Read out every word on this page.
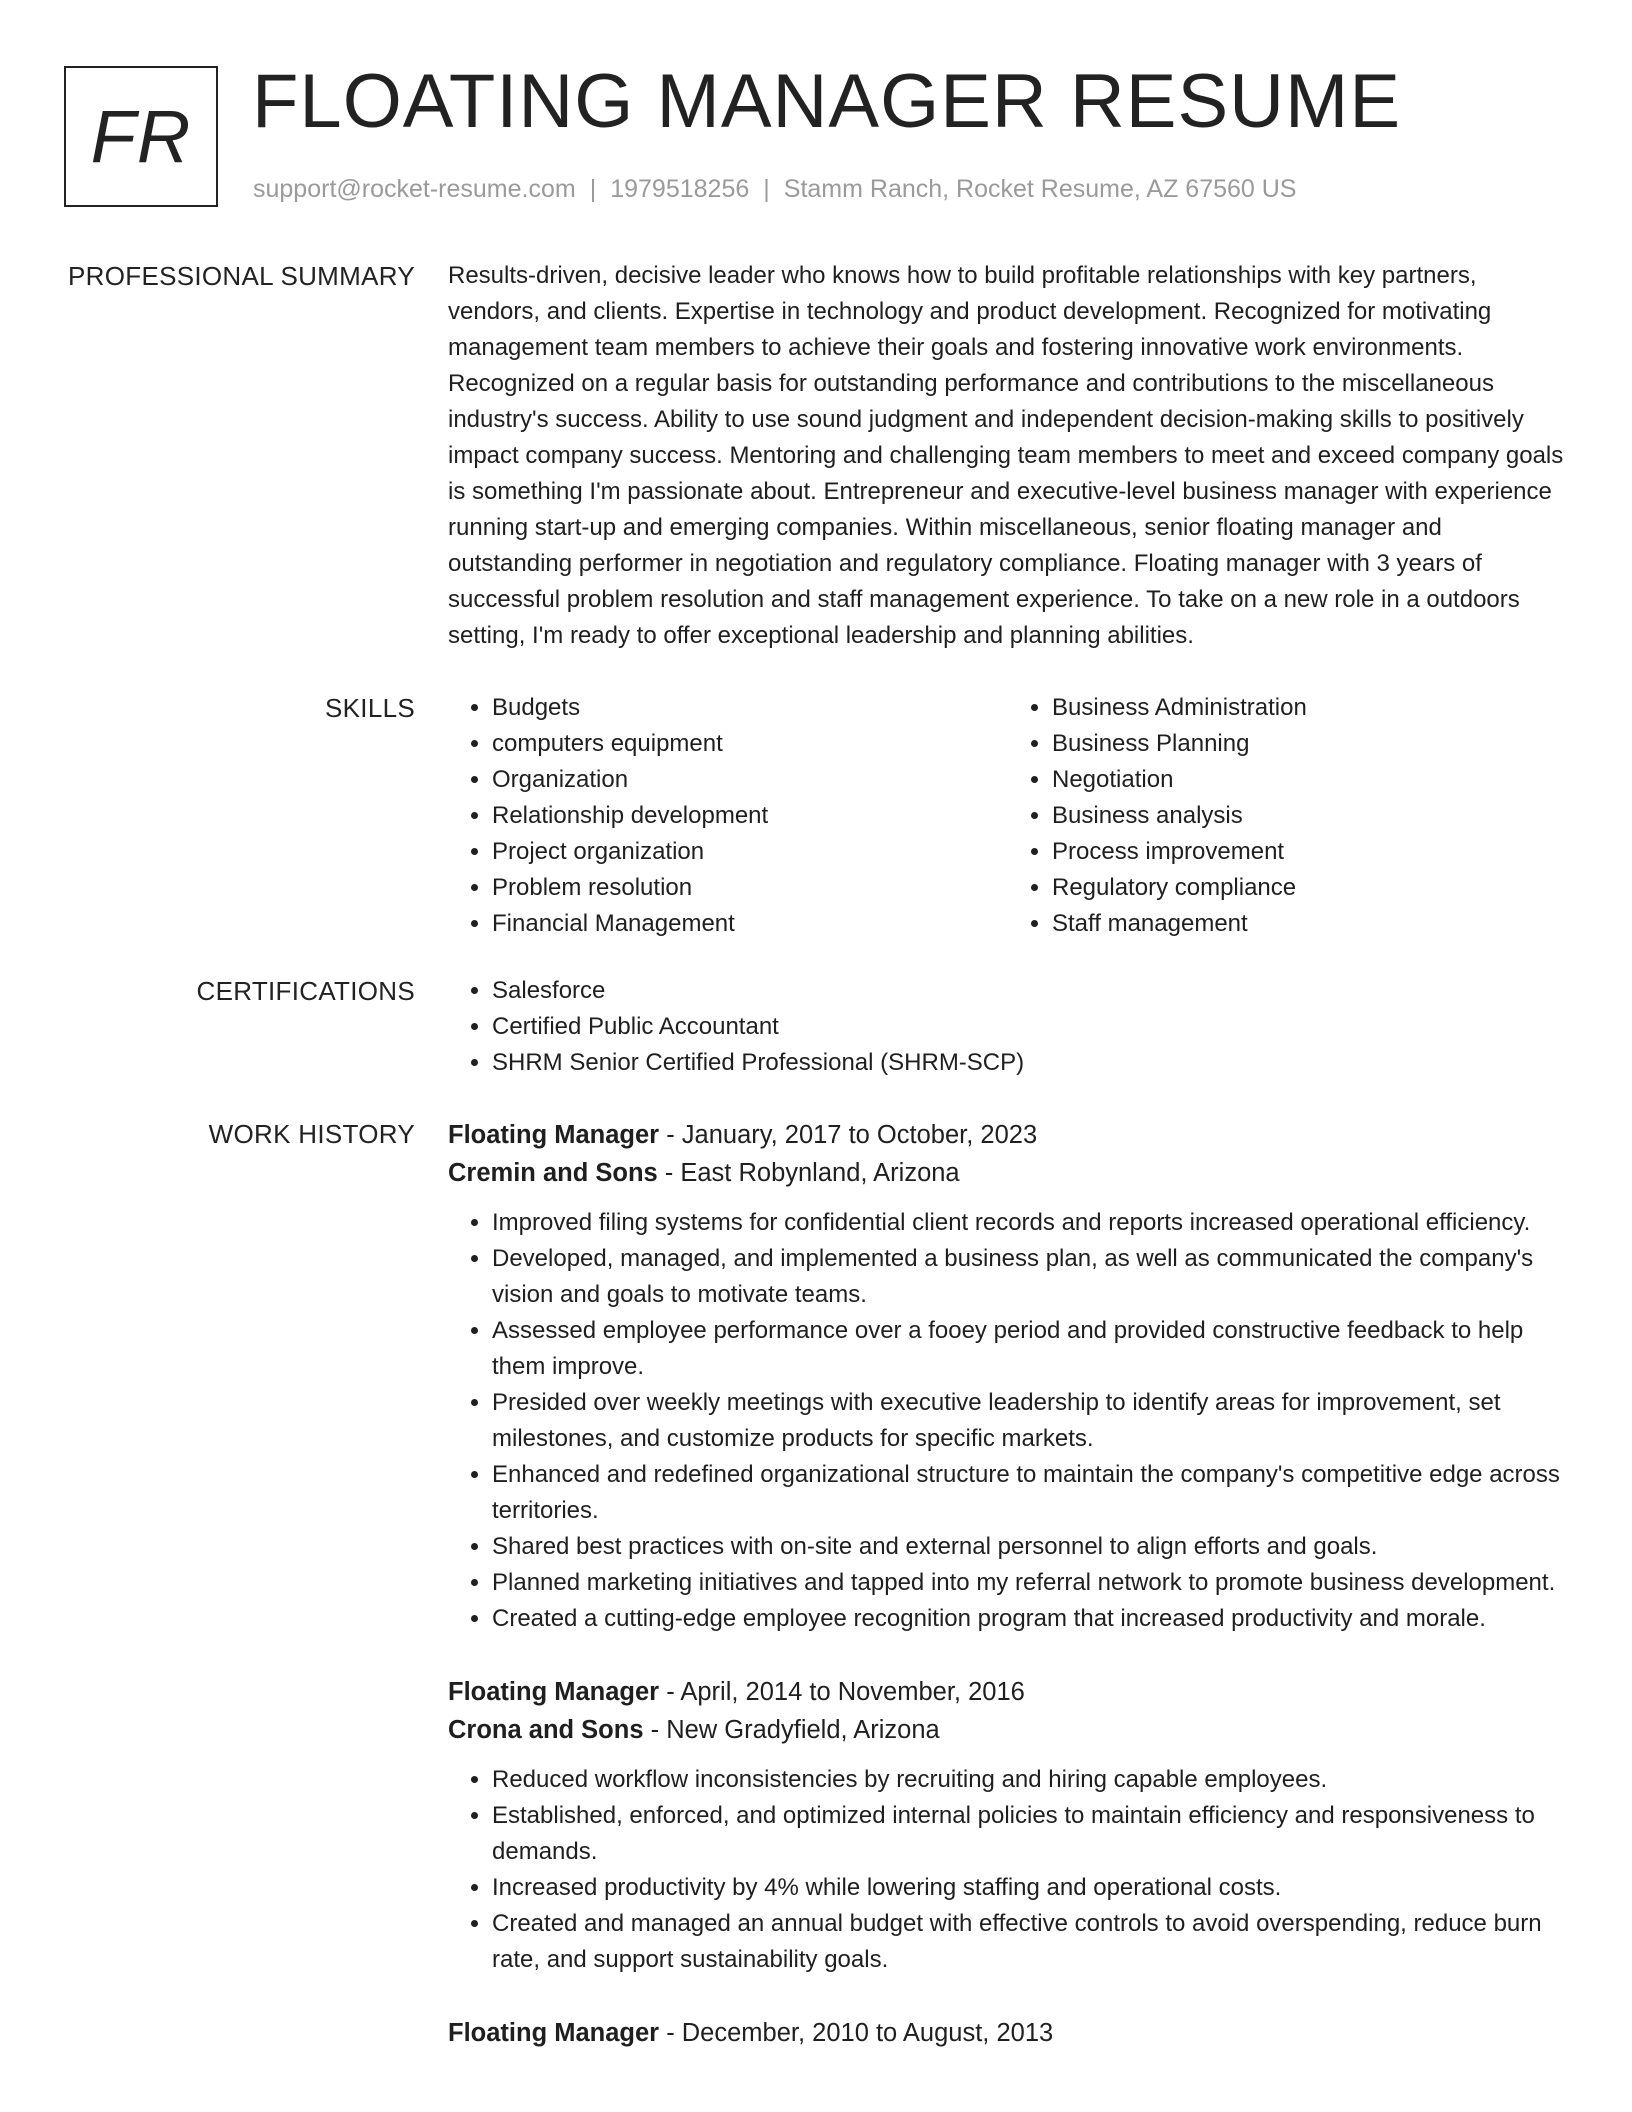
FR FLOATING MANAGER RESUME
support@rocket-resume.com | 1979518256 | Stamm Ranch, Rocket Resume, AZ 67560 US
PROFESSIONAL SUMMARY Results-driven, decisive leader who knows how to build profitable relationships with key partners, vendors, and clients. Expertise in technology and product development. Recognized for motivating management team members to achieve their goals and fostering innovative work environments. Recognized on a regular basis for outstanding performance and contributions to the miscellaneous industry's success. Ability to use sound judgment and independent decision-making skills to positively impact company success. Mentoring and challenging team members to meet and exceed company goals is something I'm passionate about. Entrepreneur and executive-level business manager with experience running start-up and emerging companies. Within miscellaneous, senior floating manager and outstanding performer in negotiation and regulatory compliance. Floating manager with 3 years of successful problem resolution and staff management experience. To take on a new role in a outdoors setting, I'm ready to offer exceptional leadership and planning abilities.

SKILLS	• Budgets
• computers equipment
• Organization
• Relationship development
• Project organization
• Problem resolution
• Financial Management
• Business Administration
• Business Planning
• Negotiation
• Business analysis
• Process improvement
• Regulatory compliance
• Staff management
CERTIFICATIONS	• Salesforce
• Certified Public Accountant
• SHRM Senior Certified Professional (SHRM-SCP)
WORK HISTORY Floating Manager - January, 2017 to October, 2023
Cremin and Sons - East Robynland, Arizona
• Improved filing systems for confidential client records and reports increased operational efficiency.
• Developed, managed, and implemented a business plan, as well as communicated the company's vision and goals to motivate teams.
• Assessed employee performance over a fooey period and provided constructive feedback to help them improve.
• Presided over weekly meetings with executive leadership to identify areas for improvement, set milestones, and customize products for specific markets.
• Enhanced and redefined organizational structure to maintain the company's competitive edge across territories.
• Shared best practices with on-site and external personnel to align efforts and goals.
• Planned marketing initiatives and tapped into my referral network to promote business development.
• Created a cutting-edge employee recognition program that increased productivity and morale.
Floating Manager - April, 2014 to November, 2016
Crona and Sons - New Gradyfield, Arizona
• Reduced workflow inconsistencies by recruiting and hiring capable employees.
• Established, enforced, and optimized internal policies to maintain efficiency and responsiveness to demands.
• Increased productivity by 4% while lowering staffing and operational costs.
• Created and managed an annual budget with effective controls to avoid overspending, reduce burn rate, and support sustainability goals.
Floating Manager - December, 2010 to August, 2013
